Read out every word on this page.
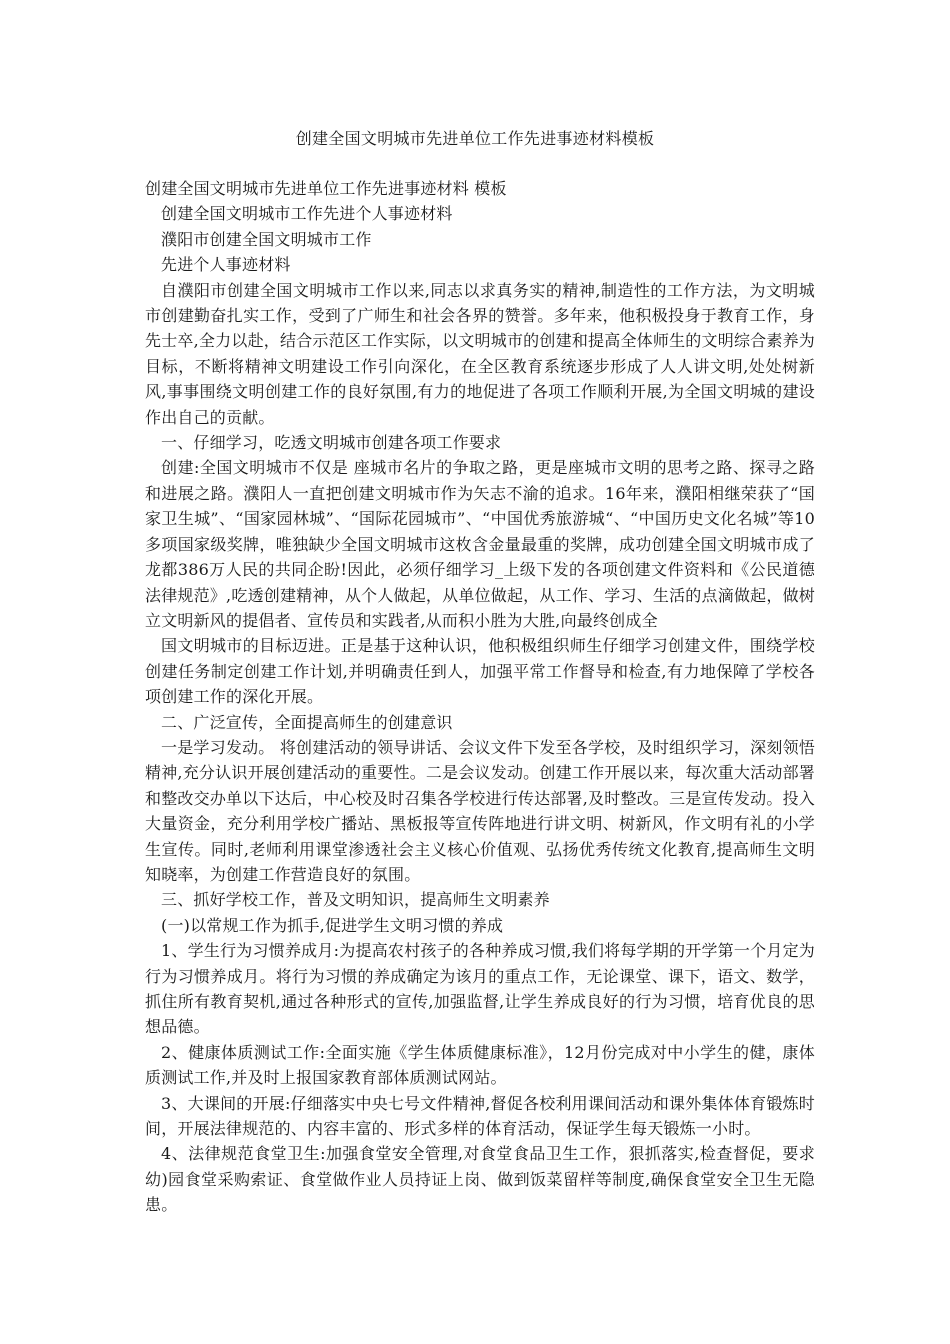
创建全国文明城市先进单位工作先进事迹材料模板

创建全国文明城市先进单位工作先进事迹材料 模板

创建全国文明城市工作先进个人事迹材料

濮阳市创建全国文明城市工作

先进个人事迹材料

自濮阳市创建全国文明城市工作以来,同志以求真务实的精神,制造性的工作方法，为文明城市创建勤奋扎实工作，受到了广师生和社会各界的赞誉。多年来，他积极投身于教育工作，身先士卒,全力以赴，结合示范区工作实际，以文明城市的创建和提高全体师生的文明综合素养为目标，不断将精神文明建设工作引向深化，在全区教育系统逐步形成了人人讲文明,处处树新风,事事围绕文明创建工作的良好氛围,有力的地促进了各项工作顺利开展,为全国文明城的建设作出自己的贡献。

一、仔细学习，吃透文明城市创建各项工作要求

创建:全国文明城市不仅是 座城市名片的争取之路，更是座城市文明的思考之路、探寻之路和进展之路。濮阳人一直把创建文明城市作为矢志不渝的追求。16年来，濮阳相继荣获了“国家卫生城”、“国家园林城”、“国际花园城市”、“中国优秀旅游城“、“中国历史文化名城”等10多项国家级奖牌，唯独缺少全国文明城市这枚含金量最重的奖牌，成功创建全国文明城市成了龙都386万人民的共同企盼!因此，必须仔细学习_上级下发的各项创建文件资料和《公民道德法律规范》,吃透创建精神，从个人做起，从单位做起，从工作、学习、生活的点滴做起，做树立文明新风的提倡者、宣传员和实践者,从而积小胜为大胜,向最终创成全

国文明城市的目标迈进。正是基于这种认识，他积极组织师生仔细学习创建文件，围绕学校创建任务制定创建工作计划,并明确责任到人，加强平常工作督导和检查,有力地保障了学校各项创建工作的深化开展。

二、广泛宣传，全面提高师生的创建意识

一是学习发动。 将创建活动的领导讲话、会议文件下发至各学校，及时组织学习，深刻领悟精神,充分认识开展创建活动的重要性。二是会议发动。创建工作开展以来，每次重大活动部署和整改交办单以下达后，中心校及时召集各学校进行传达部署,及时整改。三是宣传发动。投入大量资金，充分利用学校广播站、黑板报等宣传阵地进行讲文明、树新风，作文明有礼的小学生宣传。同时,老师利用课堂渗透社会主义核心价值观、弘扬优秀传统文化教育,提高师生文明知晓率，为创建工作营造良好的氛围。

三、抓好学校工作，普及文明知识，提高师生文明素养

(一)以常规工作为抓手,促进学生文明习惯的养成

1、学生行为习惯养成月:为提高农村孩子的各种养成习惯,我们将每学期的开学第一个月定为行为习惯养成月。将行为习惯的养成确定为该月的重点工作，无论课堂、课下，语文、数学，抓住所有教育契机,通过各种形式的宣传,加强监督,让学生养成良好的行为习惯，培育优良的思想品德。

2、健康体质测试工作:全面实施《学生体质健康标准》，12月份完成对中小学生的健，康体质测试工作,并及时上报国家教育部体质测试网站。

3、大课间的开展:仔细落实中央七号文件精神,督促各校利用课间活动和课外集体体育锻炼时间，开展法律规范的、内容丰富的、形式多样的体育活动，保证学生每天锻炼一小时。

4、法律规范食堂卫生:加强食堂安全管理,对食堂食品卫生工作，狠抓落实,检查督促，要求幼)园食堂采购索证、食堂做作业人员持证上岗、做到饭菜留样等制度,确保食堂安全卫生无隐患。
